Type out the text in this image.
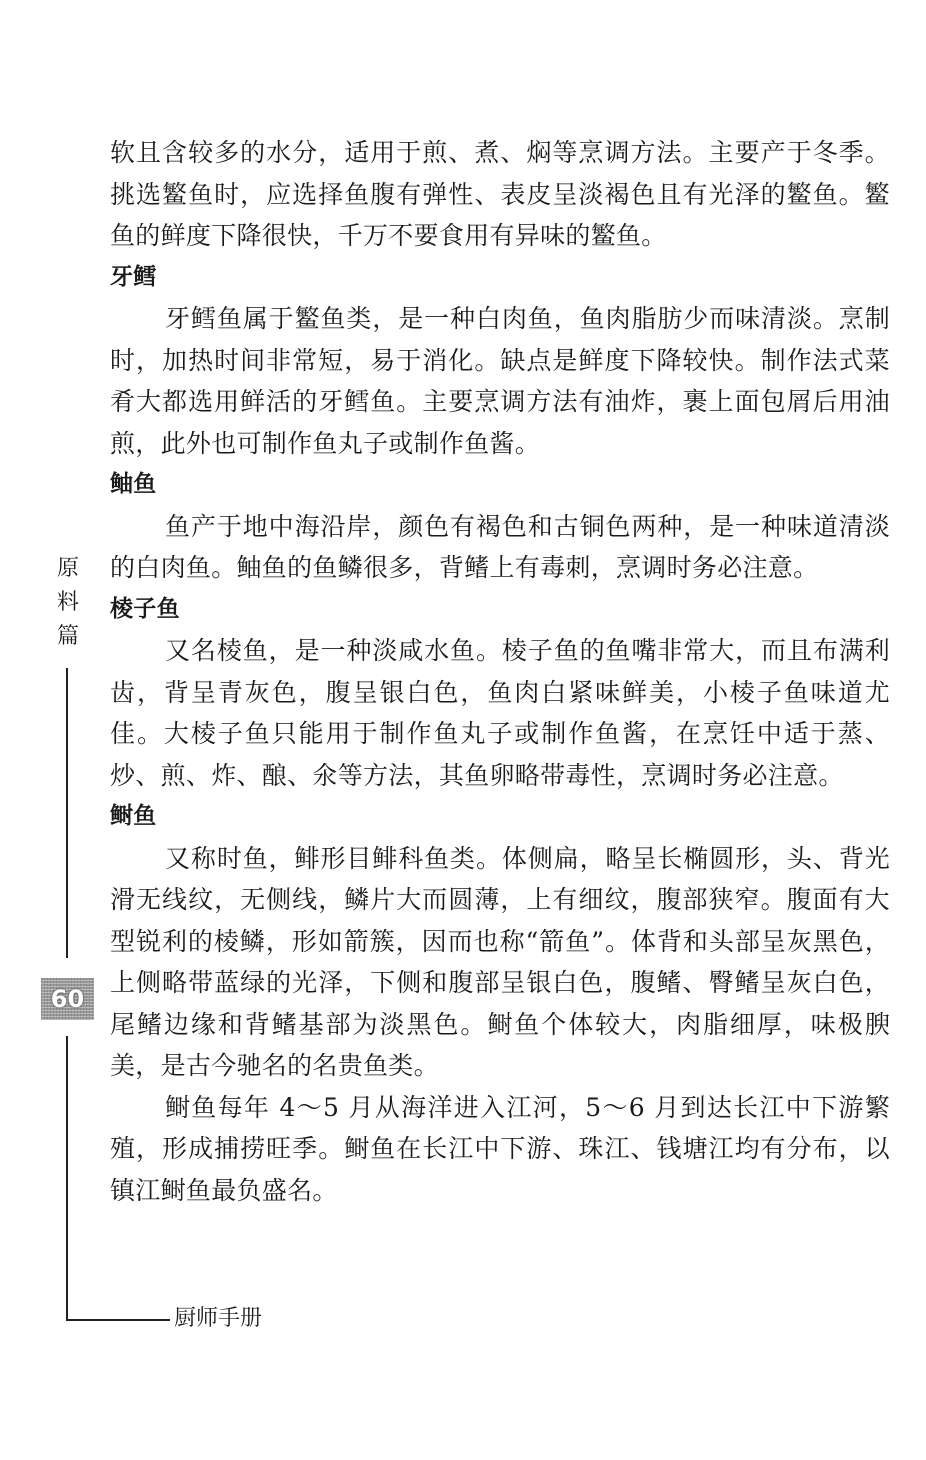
软且含较多的水分，适用于煎、煮、焖等烹调方法。主要产于冬季。挑选鳘鱼时，应选择鱼腹有弹性、表皮呈淡褐色且有光泽的鳘鱼。鳘鱼的鲜度下降很快，千万不要食用有异味的鳘鱼。

牙鳕

牙鳕鱼属于鳘鱼类，是一种白肉鱼，鱼肉脂肪少而味清淡。烹制时，加热时间非常短，易于消化。缺点是鲜度下降较快。制作法式菜肴大都选用鲜活的牙鳕鱼。主要烹调方法有油炸，裹上面包屑后用油煎，此外也可制作鱼丸子或制作鱼酱。

鲉鱼

鱼产于地中海沿岸，颜色有褐色和古铜色两种，是一种味道清淡的白肉鱼。鲉鱼的鱼鳞很多，背鳍上有毒刺，烹调时务必注意。

棱子鱼

又名棱鱼，是一种淡咸水鱼。棱子鱼的鱼嘴非常大，而且布满利齿，背呈青灰色，腹呈银白色，鱼肉白紧味鲜美，小棱子鱼味道尤佳。大棱子鱼只能用于制作鱼丸子或制作鱼酱，在烹饪中适于蒸、炒、煎、炸、酿、氽等方法，其鱼卵略带毒性，烹调时务必注意。

鲥鱼

又称时鱼，鲱形目鲱科鱼类。体侧扁，略呈长椭圆形，头、背光滑无线纹，无侧线，鳞片大而圆薄，上有细纹，腹部狭窄。腹面有大型锐利的棱鳞，形如箭簇，因而也称“箭鱼”。体背和头部呈灰黑色，上侧略带蓝绿的光泽，下侧和腹部呈银白色，腹鳍、臀鳍呈灰白色，尾鳍边缘和背鳍基部为淡黑色。鲥鱼个体较大，肉脂细厚，味极腴美，是古今驰名的名贵鱼类。

鲥鱼每年 4～5 月从海洋进入江河，5～6 月到达长江中下游繁殖，形成捕捞旺季。鲥鱼在长江中下游、珠江、钱塘江均有分布，以镇江鲥鱼最负盛名。

原料篇
60
厨师手册
